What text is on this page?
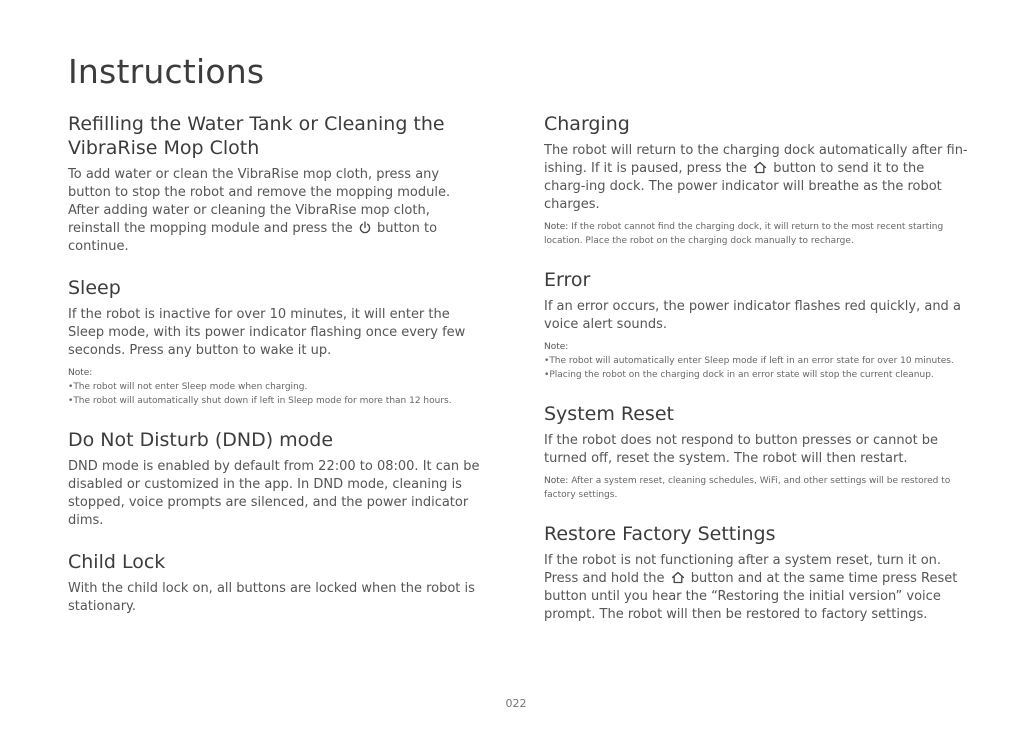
Instructions
Refilling the Water Tank or Cleaning the VibraRise Mop Cloth

To add water or clean the VibraRise mop cloth, press any button to stop the robot and remove the mopping module. After adding water or cleaning the VibraRise mop cloth, reinstall the mopping module and press the button to continue.

Sleep

If the robot is inactive for over 10 minutes, it will enter the Sleep mode, with its power indicator flashing once every few seconds. Press any button to wake it up.

Note:
• The robot will not enter Sleep mode when charging.
• The robot will automatically shut down if left in Sleep mode for more than 12 hours.
Do Not Disturb (DND) mode

DND mode is enabled by default from 22:00 to 08:00. It can be disabled or customized in the app. In DND mode, cleaning is stopped, voice prompts are silenced, and the power indicator dims.

Child Lock

With the child lock on, all buttons are locked when the robot is stationary.

Charging

The robot will return to the charging dock automatically after fin-ishing. If it is paused, press the button to send it to the charg-ing dock. The power indicator will breathe as the robot charges.

Note: If the robot cannot find the charging dock, it will return to the most recent starting location. Place the robot on the charging dock manually to recharge.
Error

If an error occurs, the power indicator flashes red quickly, and a voice alert sounds.

Note:
• The robot will automatically enter Sleep mode if left in an error state for over 10 minutes.
• Placing the robot on the charging dock in an error state will stop the current cleanup.
System Reset

If the robot does not respond to button presses or cannot be turned off, reset the system. The robot will then restart.

Note: After a system reset, cleaning schedules, WiFi, and other settings will be restored to factory settings.
Restore Factory Settings

If the robot is not functioning after a system reset, turn it on. Press and hold the button and at the same time press Reset button until you hear the “Restoring the initial version” voice prompt. The robot will then be restored to factory settings.

022
